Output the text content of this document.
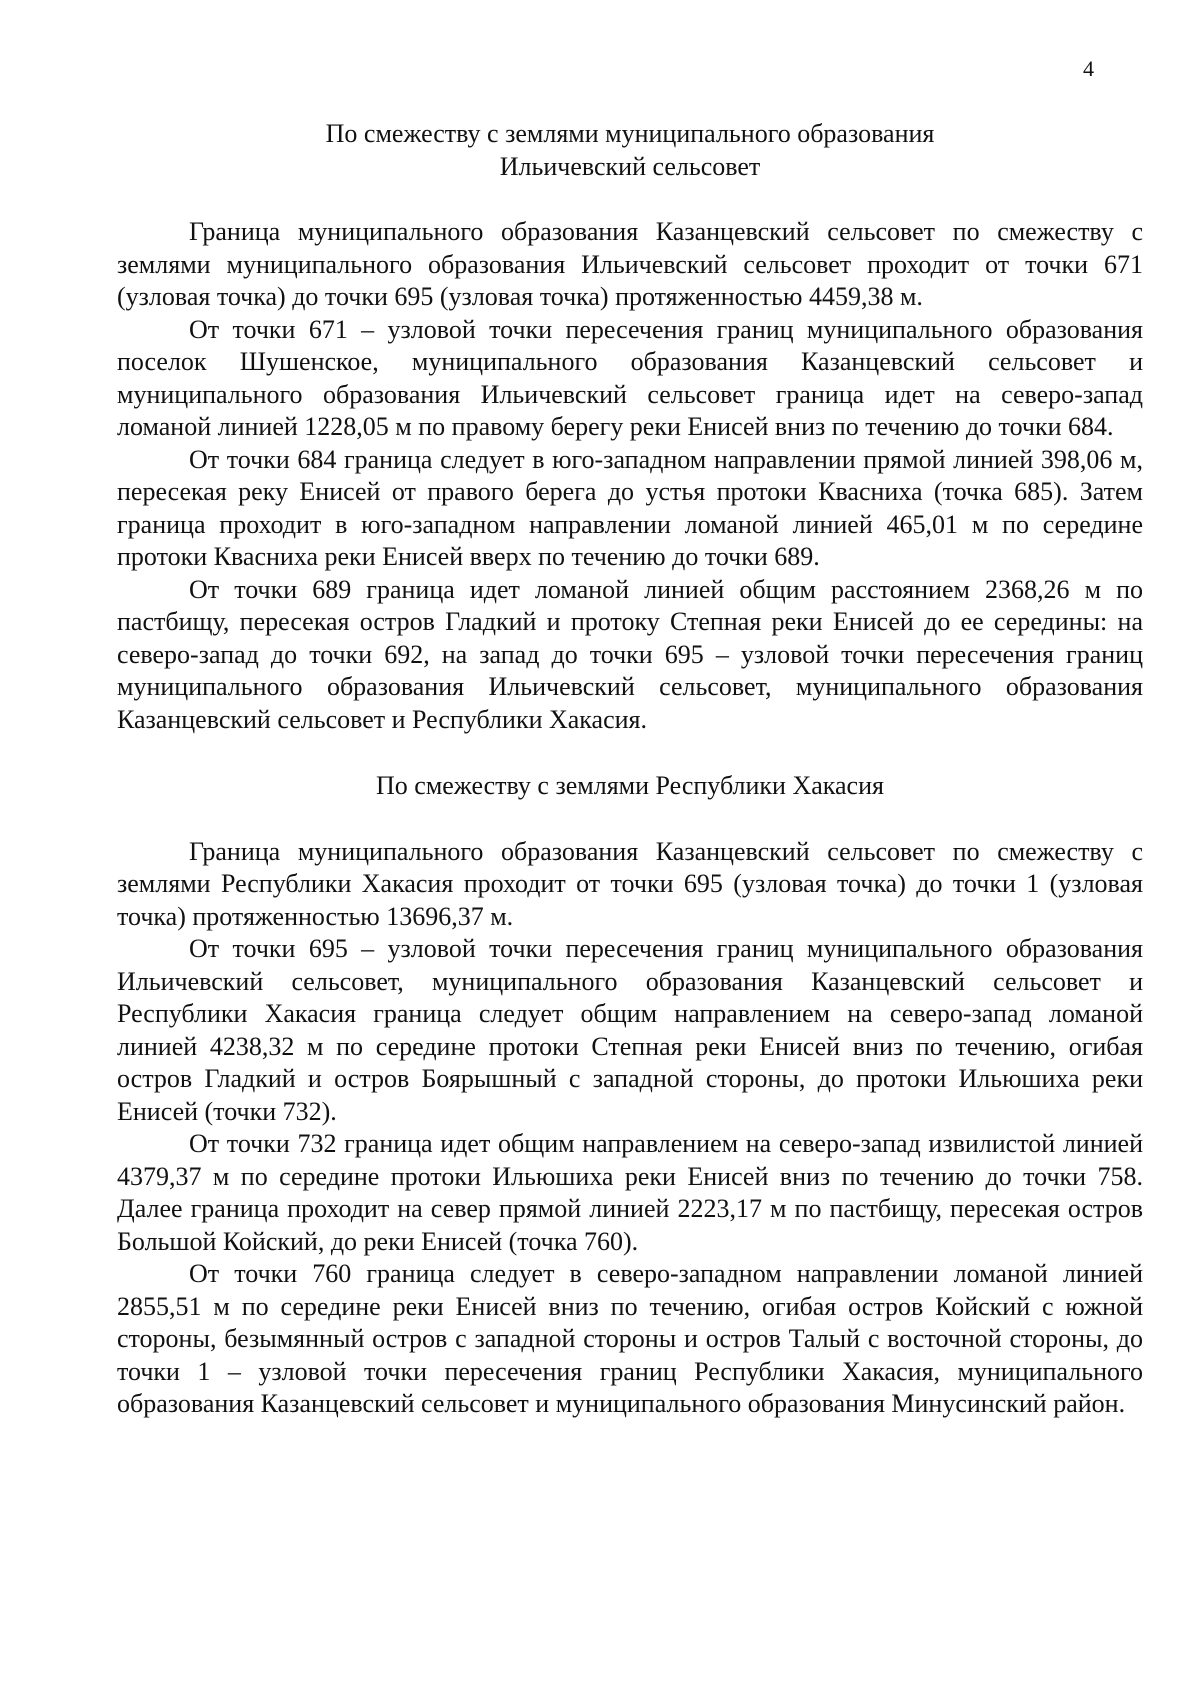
4
По смежеству с землями муниципального образования
Ильичевский сельсовет

Граница муниципального образования Казанцевский сельсовет по смежеству с землями муниципального образования Ильичевский сельсовет проходит от точки 671 (узловая точка) до точки 695 (узловая точка) протяженностью 4459,38 м.

От точки 671 – узловой точки пересечения границ муниципального образования поселок Шушенское, муниципального образования Казанцевский сельсовет и муниципального образования Ильичевский сельсовет граница идет на северо-запад ломаной линией 1228,05 м по правому берегу реки Енисей вниз по течению до точки 684.

От точки 684 граница следует в юго-западном направлении прямой линией 398,06 м, пересекая реку Енисей от правого берега до устья протоки Квасниха (точка 685). Затем граница проходит в юго-западном направлении ломаной линией 465,01 м по середине протоки Квасниха реки Енисей вверх по течению до точки 689.

От точки 689 граница идет ломаной линией общим расстоянием 2368,26 м по пастбищу, пересекая остров Гладкий и протоку Степная реки Енисей до ее середины: на северо-запад до точки 692, на запад до точки 695 – узловой точки пересечения границ муниципального образования Ильичевский сельсовет, муниципального образования Казанцевский сельсовет и Республики Хакасия.

По смежеству с землями Республики Хакасия

Граница муниципального образования Казанцевский сельсовет по смежеству с землями Республики Хакасия проходит от точки 695 (узловая точка) до точки 1 (узловая точка) протяженностью 13696,37 м.

От точки 695 – узловой точки пересечения границ муниципального образования Ильичевский сельсовет, муниципального образования Казанцевский сельсовет и Республики Хакасия граница следует общим направлением на северо-запад ломаной линией 4238,32 м по середине протоки Степная реки Енисей вниз по течению, огибая остров Гладкий и остров Боярышный с западной стороны, до протоки Ильюшиха реки Енисей (точки 732).

От точки 732 граница идет общим направлением на северо-запад извилистой линией 4379,37 м по середине протоки Ильюшиха реки Енисей вниз по течению до точки 758. Далее граница проходит на север прямой линией 2223,17 м по пастбищу, пересекая остров Большой Койский, до реки Енисей (точка 760).

От точки 760 граница следует в северо-западном направлении ломаной линией 2855,51 м по середине реки Енисей вниз по течению, огибая остров Койский с южной стороны, безымянный остров с западной стороны и остров Талый с восточной стороны, до точки 1 – узловой точки пересечения границ Республики Хакасия, муниципального образования Казанцевский сельсовет и муниципального образования Минусинский район.
